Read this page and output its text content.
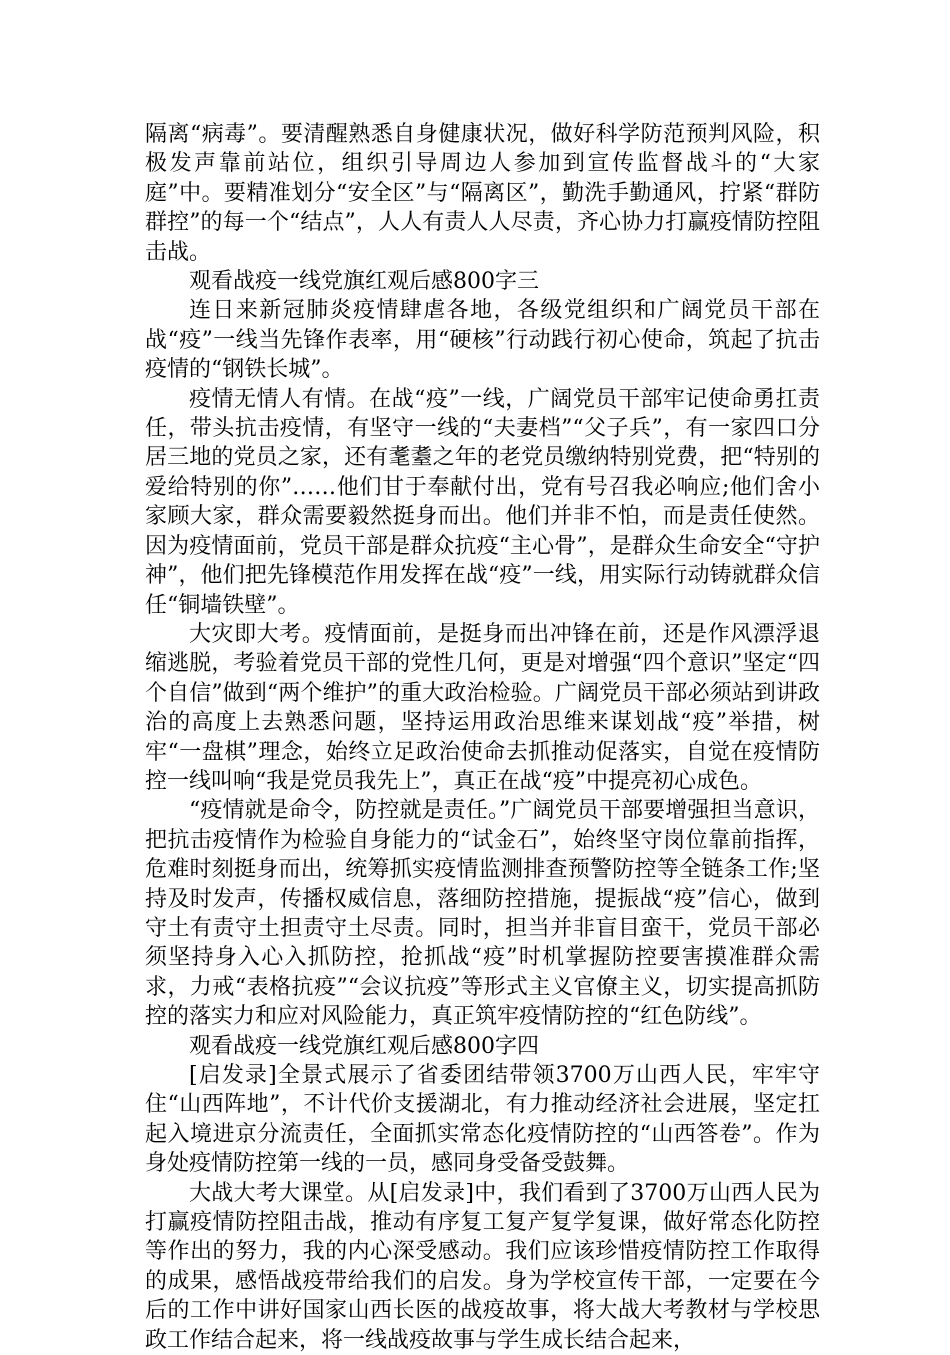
隔离“病毒”。要清醒熟悉自身健康状况，做好科学防范预判风险，积极发声靠前站位，组织引导周边人参加到宣传监督战斗的“大家庭”中。要精准划分“安全区”与“隔离区”，勤洗手勤通风，拧紧“群防群控”的每一个“结点”，人人有责人人尽责，齐心协力打赢疫情防控阻击战。

观看战疫一线党旗红观后感800字三

连日来新冠肺炎疫情肆虐各地，各级党组织和广阔党员干部在战“疫”一线当先锋作表率，用“硬核”行动践行初心使命，筑起了抗击疫情的“钢铁长城”。

疫情无情人有情。在战“疫”一线，广阔党员干部牢记使命勇扛责任，带头抗击疫情，有坚守一线的“夫妻档”“父子兵”，有一家四口分居三地的党员之家，还有耄耋之年的老党员缴纳特别党费，把“特别的爱给特别的你”……他们甘于奉献付出，党有号召我必响应;他们舍小家顾大家，群众需要毅然挺身而出。他们并非不怕，而是责任使然。因为疫情面前，党员干部是群众抗疫“主心骨”，是群众生命安全“守护神”，他们把先锋模范作用发挥在战“疫”一线，用实际行动铸就群众信任“铜墙铁壁”。

大灾即大考。疫情面前，是挺身而出冲锋在前，还是作风漂浮退缩逃脱，考验着党员干部的党性几何，更是对增强“四个意识”坚定“四个自信”做到“两个维护”的重大政治检验。广阔党员干部必须站到讲政治的高度上去熟悉问题，坚持运用政治思维来谋划战“疫”举措，树牢“一盘棋”理念，始终立足政治使命去抓推动促落实，自觉在疫情防控一线叫响“我是党员我先上”，真正在战“疫”中提亮初心成色。

“疫情就是命令，防控就是责任。”广阔党员干部要增强担当意识，把抗击疫情作为检验自身能力的“试金石”，始终坚守岗位靠前指挥，危难时刻挺身而出，统筹抓实疫情监测排查预警防控等全链条工作;坚持及时发声，传播权威信息，落细防控措施，提振战“疫”信心，做到守土有责守土担责守土尽责。同时，担当并非盲目蛮干，党员干部必须坚持身入心入抓防控，抢抓战“疫”时机掌握防控要害摸准群众需求，力戒“表格抗疫”“会议抗疫”等形式主义官僚主义，切实提高抓防控的落实力和应对风险能力，真正筑牢疫情防控的“红色防线”。

观看战疫一线党旗红观后感800字四

[启发录]全景式展示了省委团结带领3700万山西人民，牢牢守住“山西阵地”，不计代价支援湖北，有力推动经济社会进展，坚定扛起入境进京分流责任，全面抓实常态化疫情防控的“山西答卷”。作为身处疫情防控第一线的一员，感同身受备受鼓舞。

大战大考大课堂。从[启发录]中，我们看到了3700万山西人民为打赢疫情防控阻击战，推动有序复工复产复学复课，做好常态化防控等作出的努力，我的内心深受感动。我们应该珍惜疫情防控工作取得的成果，感悟战疫带给我们的启发。身为学校宣传干部，一定要在今后的工作中讲好国家山西长医的战疫故事，将大战大考教材与学校思政工作结合起来，将一线战疫故事与学生成长结合起来，
